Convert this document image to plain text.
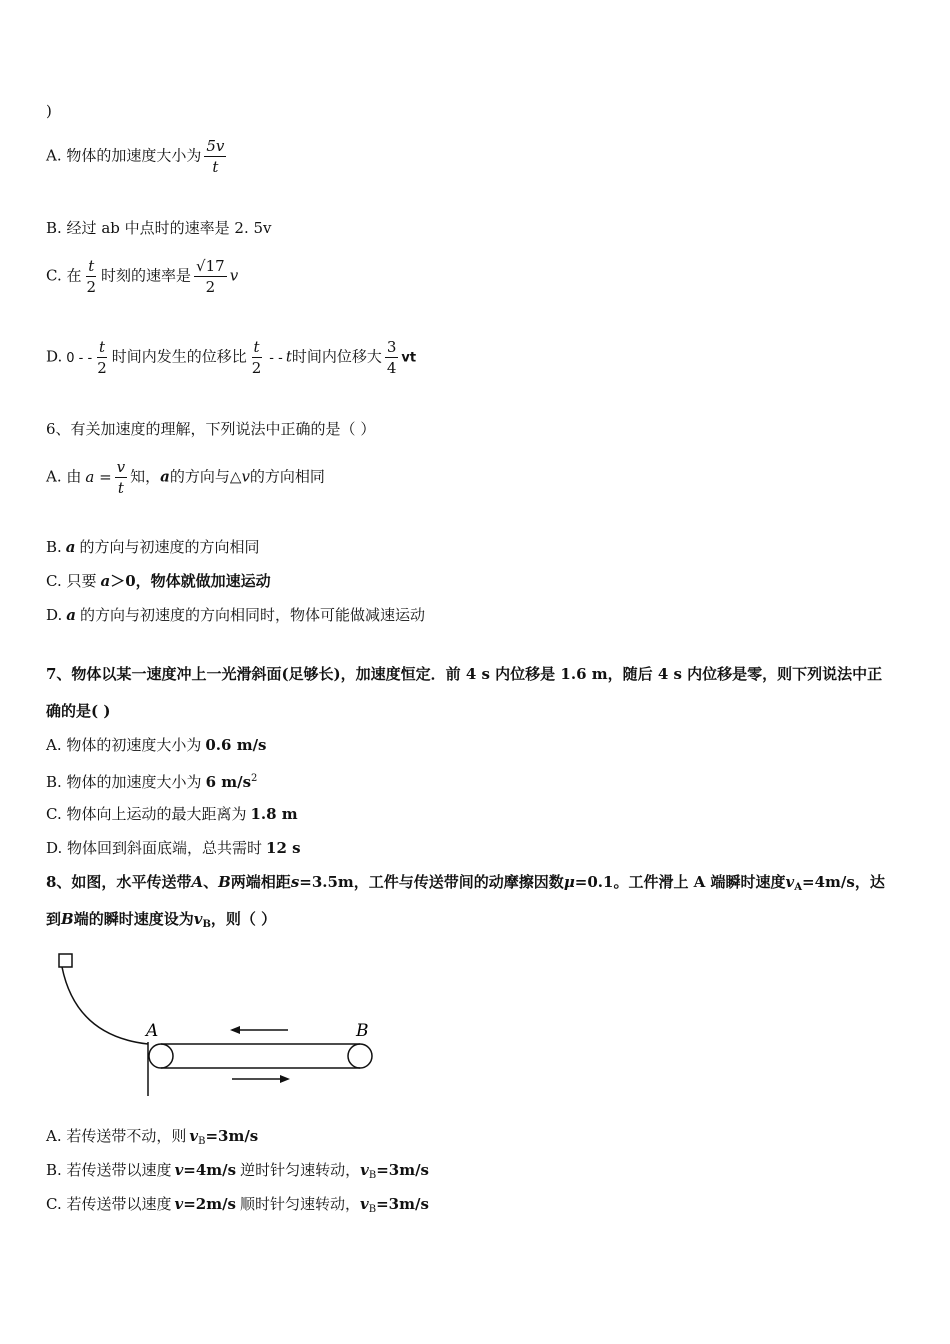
)
A. 物体的加速度大小为 $\frac{5v}{t}$
B. 经过 ab 中点时的速率是 2. 5v
C. 在 $\frac{t}{2}$ 时刻的速率是 $\frac{√17}{2}$ v
D. 0 - - $\frac{t}{2}$ 时间内发生的位移比 $\frac{t}{2}$ - - t时间内位移大 $\frac{3}{4}$ vt
6、有关加速度的理解，下列说法中正确的是（ ）
A. 由 $a = \frac{v}{t}$ 知，a的方向与△v的方向相同
B. a 的方向与初速度的方向相同
C. 只要 a＞0，物体就做加速运动
D. a 的方向与初速度的方向相同时，物体可能做减速运动
7、物体以某一速度冲上一光滑斜面(足够长)，加速度恒定．前 4 s 内位移是 1.6 m，随后 4 s 内位移是零，则下列说法中正
确的是( )
A. 物体的初速度大小为 0.6 m/s
B. 物体的加速度大小为 6 $m/s^2$
C. 物体向上运动的最大距离为 1.8 m
D. 物体回到斜面底端，总共需时 12 s
8、如图，水平传送带A、B两端相距s=3.5m，工件与传送带间的动摩擦因数μ=0.1。工件滑上 A 端瞬时速度$v_A=4m/s$，达
到B端的瞬时速度设为$v_B$，则（ ）
A	B
A. 若传送带不动，则 $v_B=3m/s$
B. 若传送带以速度 v=4m/s 逆时针匀速转动，$v_B=3m/s$
C. 若传送带以速度 v=2m/s 顺时针匀速转动，$v_B=3m/s$
